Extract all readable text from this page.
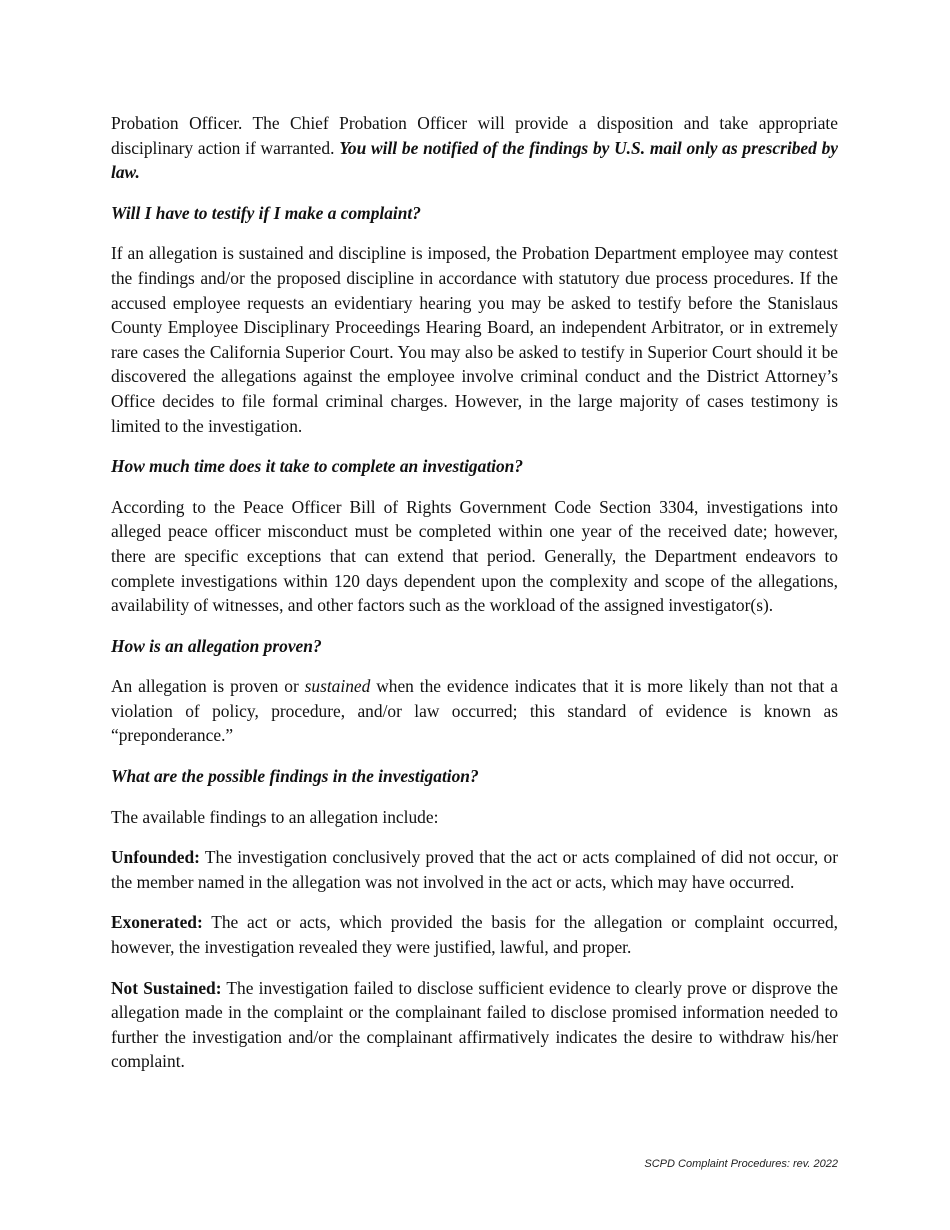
Probation Officer. The Chief Probation Officer will provide a disposition and take appropriate disciplinary action if warranted. You will be notified of the findings by U.S. mail only as prescribed by law.

Will I have to testify if I make a complaint?

If an allegation is sustained and discipline is imposed, the Probation Department employee may contest the findings and/or the proposed discipline in accordance with statutory due process procedures. If the accused employee requests an evidentiary hearing you may be asked to testify before the Stanislaus County Employee Disciplinary Proceedings Hearing Board, an independent Arbitrator, or in extremely rare cases the California Superior Court. You may also be asked to testify in Superior Court should it be discovered the allegations against the employee involve criminal conduct and the District Attorney’s Office decides to file formal criminal charges. However, in the large majority of cases testimony is limited to the investigation.

How much time does it take to complete an investigation?

According to the Peace Officer Bill of Rights Government Code Section 3304, investigations into alleged peace officer misconduct must be completed within one year of the received date; however, there are specific exceptions that can extend that period. Generally, the Department endeavors to complete investigations within 120 days dependent upon the complexity and scope of the allegations, availability of witnesses, and other factors such as the workload of the assigned investigator(s).

How is an allegation proven?

An allegation is proven or sustained when the evidence indicates that it is more likely than not that a violation of policy, procedure, and/or law occurred; this standard of evidence is known as “preponderance.”

What are the possible findings in the investigation?

The available findings to an allegation include:

Unfounded: The investigation conclusively proved that the act or acts complained of did not occur, or the member named in the allegation was not involved in the act or acts, which may have occurred.

Exonerated: The act or acts, which provided the basis for the allegation or complaint occurred, however, the investigation revealed they were justified, lawful, and proper.

Not Sustained: The investigation failed to disclose sufficient evidence to clearly prove or disprove the allegation made in the complaint or the complainant failed to disclose promised information needed to further the investigation and/or the complainant affirmatively indicates the desire to withdraw his/her complaint.

SCPD Complaint Procedures: rev. 2022
